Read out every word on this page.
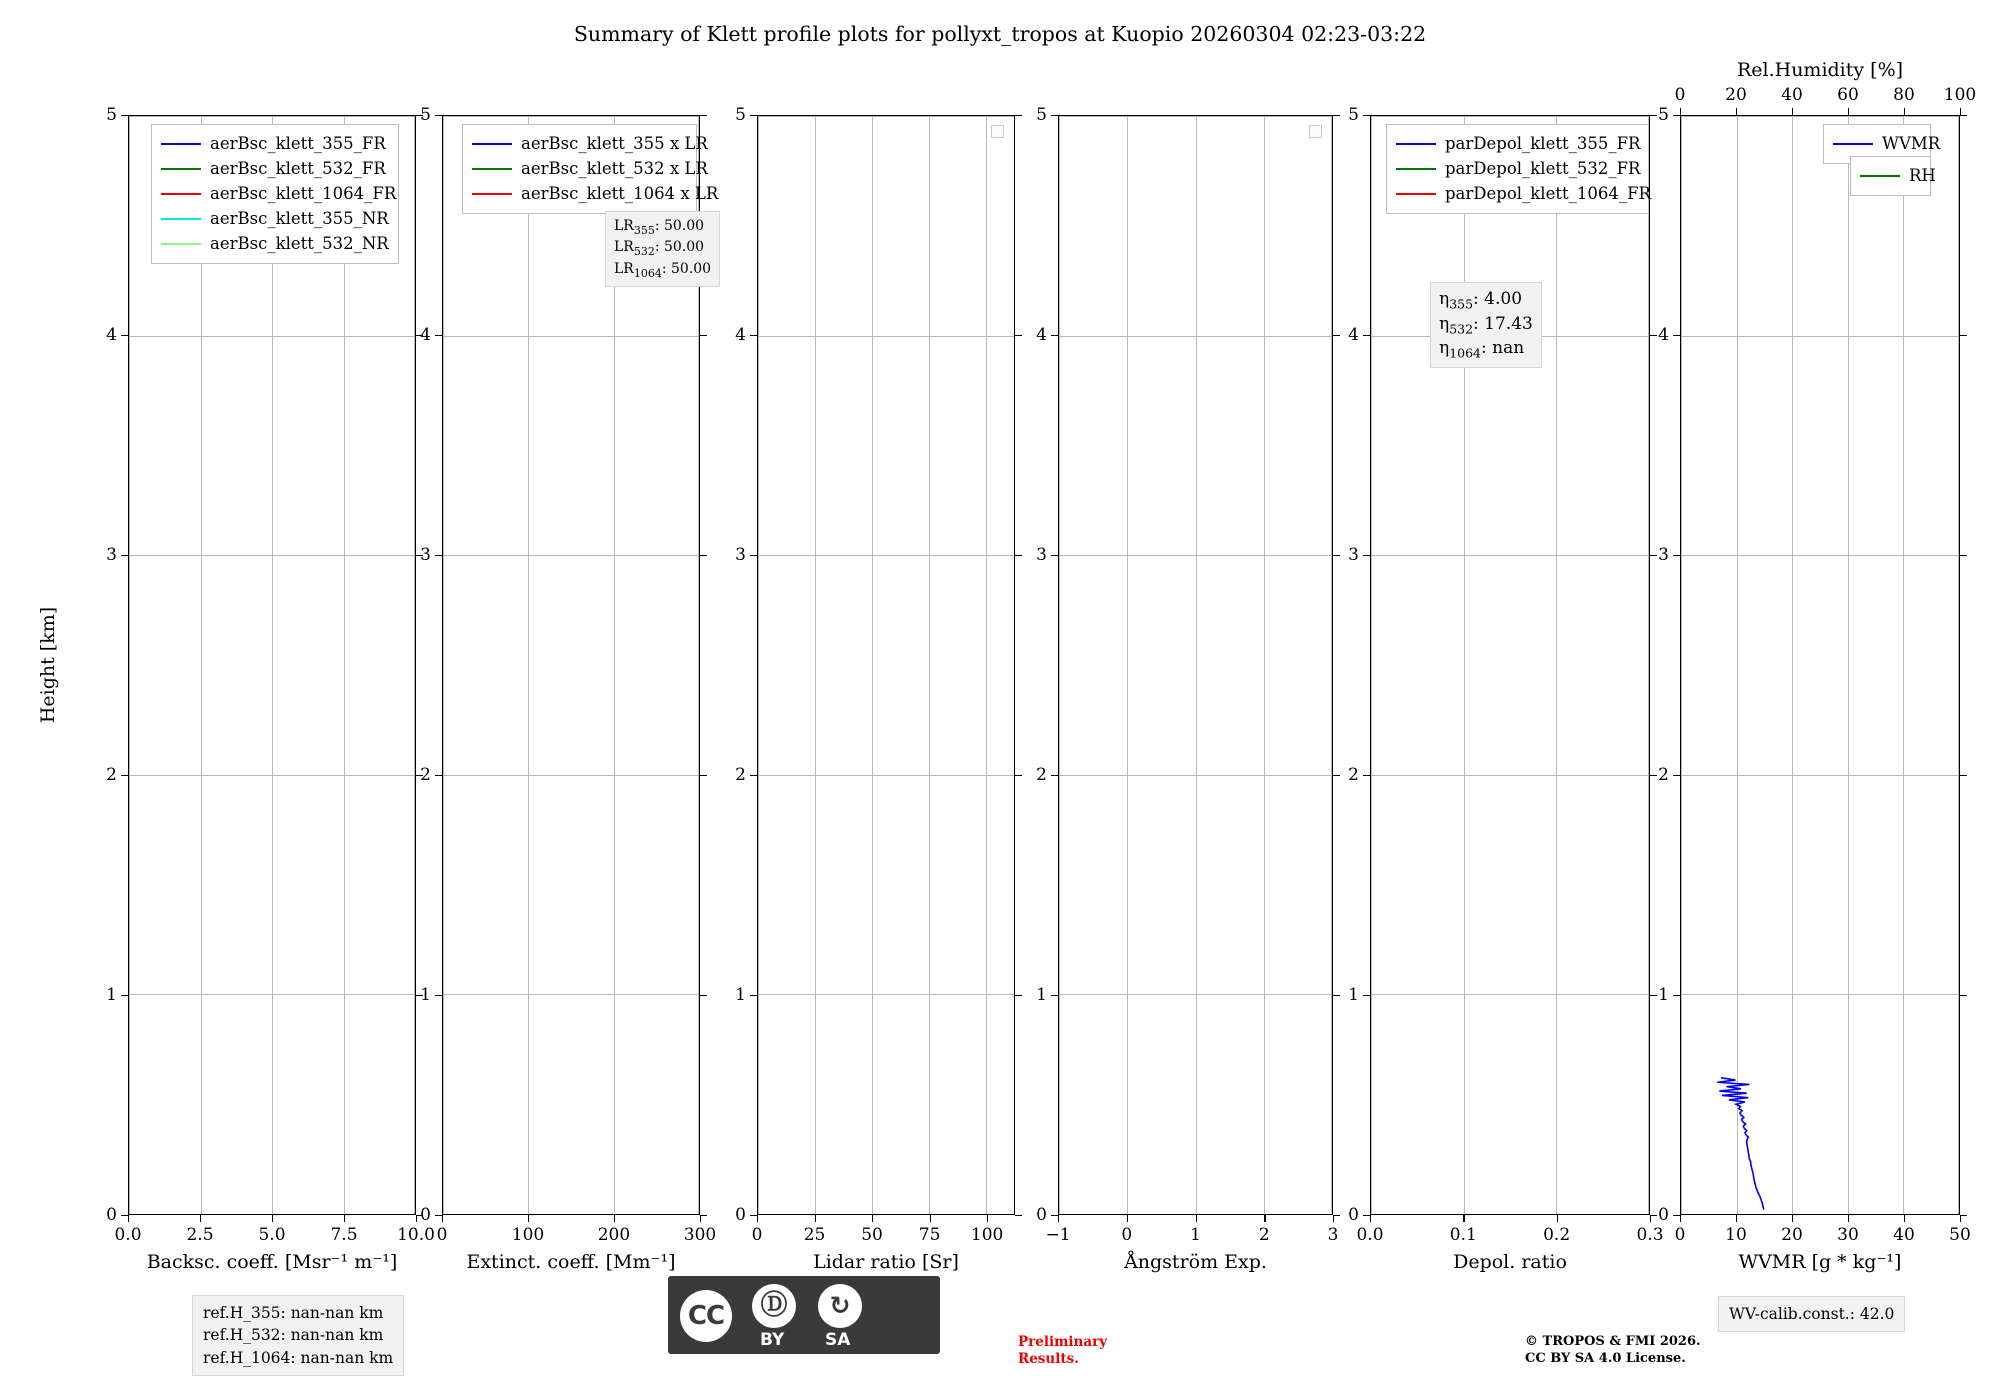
Summary of Klett profile plots for pollyxt_tropos at Kuopio 20260304 02:23-03:22
Height [km]
0
1
2
3
4
5
0.0	2.5	5.0	7.5 10.0
Backsc. coeff. [Msr⁻¹ m⁻¹]
aerBsc_klett_355_FR
aerBsc_klett_532_FR
aerBsc_klett_1064_FR
aerBsc_klett_355_NR
aerBsc_klett_532_NR
0
1
2
3
4
5
0	100	200	300
Extinct. coeff. [Mm⁻¹]
aerBsc_klett_355 x LR
aerBsc_klett_532 x LR
aerBsc_klett_1064 x LR
$LR_{355}$: 50.00
$LR_{532}$: 50.00
$LR_{1064}$: 50.00
0
1
2
3
4
5
0 25 50 75 100
Lidar ratio [Sr]
0
1
2
3
4
5
−1	0	1	2	3
Ångström Exp.
0
1
2
3
4
5
0.0	0.1	0.2	0.3
Depol. ratio
parDepol_klett_355_FR
parDepol_klett_532_FR
parDepol_klett_1064_FR
$\eta_{355}$: 4.00
$\eta_{532}$: 17.43
$\eta_{1064}$: nan
0
1
2
3
4
5
0 10 20 30 40 50
0 20 40 60 80 100
WVMR [g * kg⁻¹]
Rel.Humidity [%]
WVMR
RH
ref.H_355: nan-nan km
ref.H_532: nan-nan km
ref.H_1064: nan-nan km
WV-calib.const.: 42.0
CC	Ⓓ	↻
BY SA	Preliminary
Results.
© TROPOS & FMI 2026.
CC BY SA 4.0 License.
